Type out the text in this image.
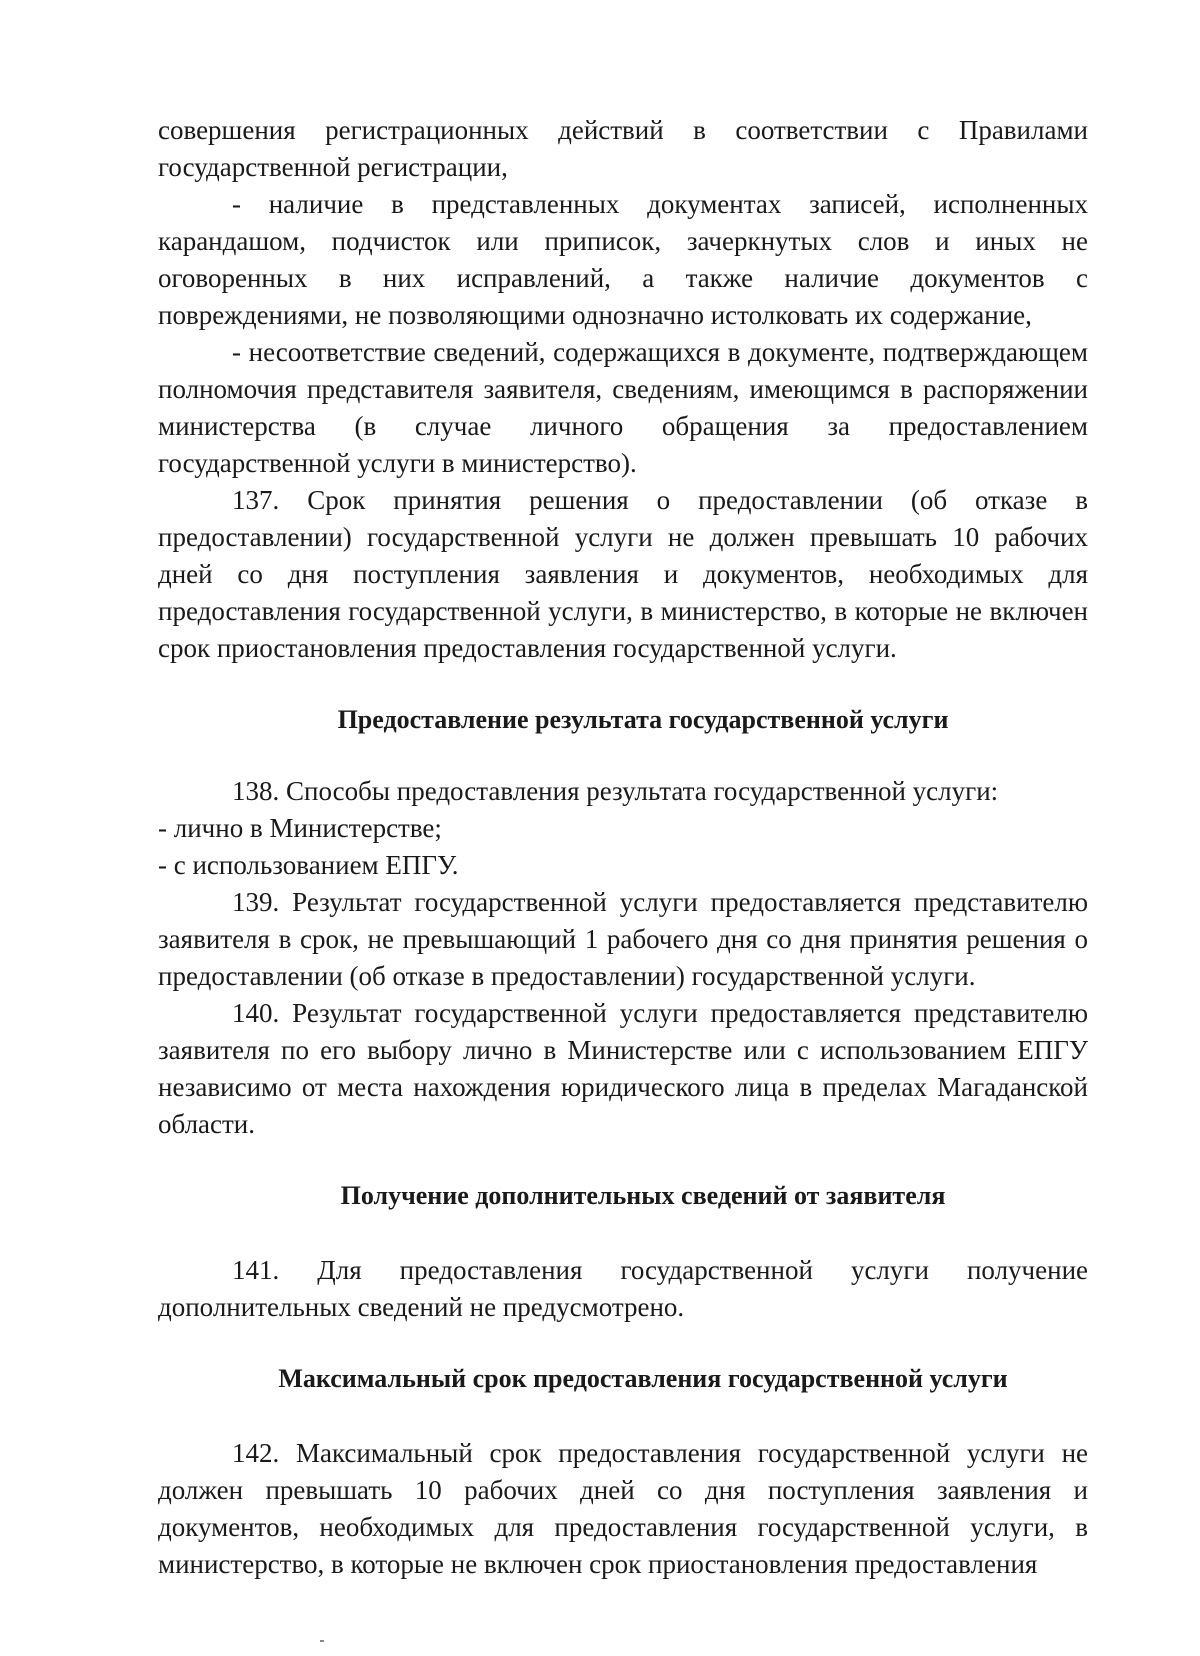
совершения регистрационных действий в соответствии с Правилами государственной регистрации,

- наличие в представленных документах записей, исполненных карандашом, подчисток или приписок, зачеркнутых слов и иных не оговоренных в них исправлений, а также наличие документов с повреждениями, не позволяющими однозначно истолковать их содержание,

- несоответствие сведений, содержащихся в документе, подтверждающем полномочия представителя заявителя, сведениям, имеющимся в распоряжении министерства (в случае личного обращения за предоставлением государственной услуги в министерство).

137. Срок принятия решения о предоставлении (об отказе в предоставлении) государственной услуги не должен превышать 10 рабочих дней со дня поступления заявления и документов, необходимых для предоставления государственной услуги, в министерство, в которые не включен срок приостановления предоставления государственной услуги.

Предоставление результата государственной услуги

138. Способы предоставления результата государственной услуги:

- лично в Министерстве;

- с использованием ЕПГУ.

139. Результат государственной услуги предоставляется представителю заявителя в срок, не превышающий 1 рабочего дня со дня принятия решения о предоставлении (об отказе в предоставлении) государственной услуги.

140. Результат государственной услуги предоставляется представителю заявителя по его выбору лично в Министерстве или с использованием ЕПГУ независимо от места нахождения юридического лица в пределах Магаданской области.

Получение дополнительных сведений от заявителя

141. Для предоставления государственной услуги получение дополнительных сведений не предусмотрено.

Максимальный срок предоставления государственной услуги

142. Максимальный срок предоставления государственной услуги не должен превышать 10 рабочих дней со дня поступления заявления и документов, необходимых для предоставления государственной услуги, в министерство, в которые не включен срок приостановления предоставления
